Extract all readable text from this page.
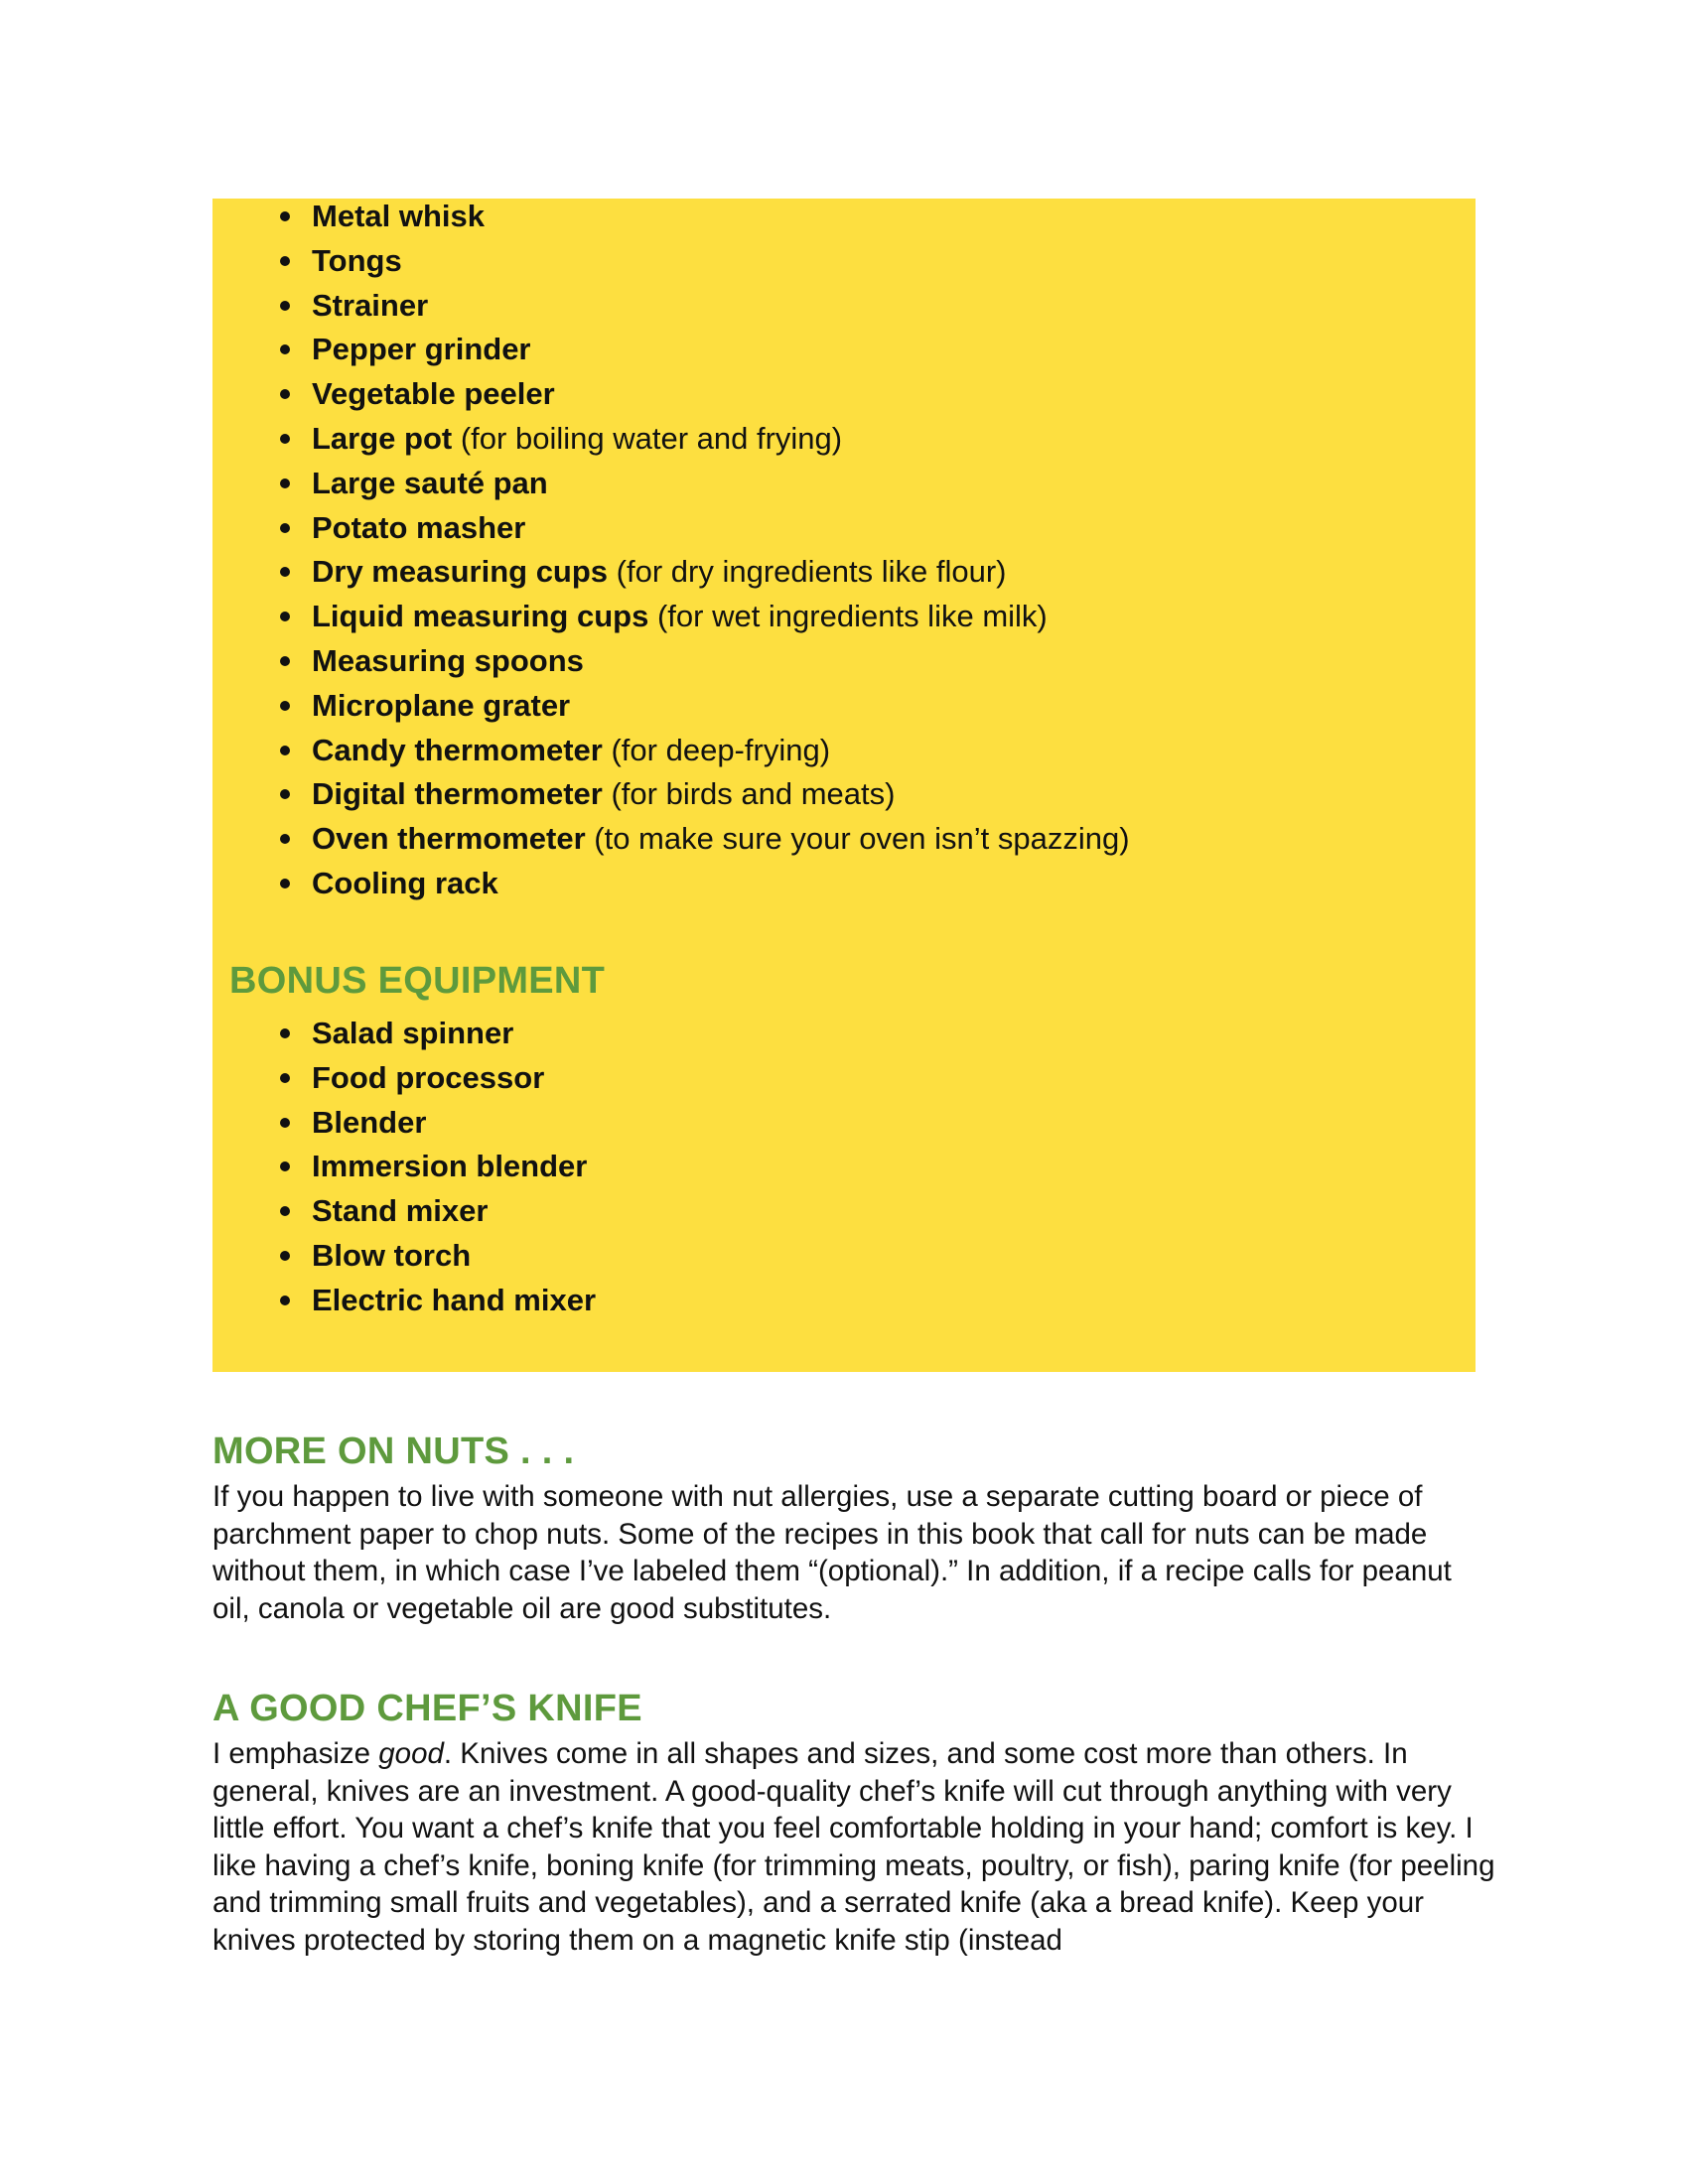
Metal whisk
Tongs
Strainer
Pepper grinder
Vegetable peeler
Large pot (for boiling water and frying)
Large sauté pan
Potato masher
Dry measuring cups (for dry ingredients like flour)
Liquid measuring cups (for wet ingredients like milk)
Measuring spoons
Microplane grater
Candy thermometer (for deep-frying)
Digital thermometer (for birds and meats)
Oven thermometer (to make sure your oven isn’t spazzing)
Cooling rack
BONUS EQUIPMENT
Salad spinner
Food processor
Blender
Immersion blender
Stand mixer
Blow torch
Electric hand mixer
MORE ON NUTS . . .

If you happen to live with someone with nut allergies, use a separate cutting board or piece of parchment paper to chop nuts. Some of the recipes in this book that call for nuts can be made without them, in which case I’ve labeled them “(optional).” In addition, if a recipe calls for peanut oil, canola or vegetable oil are good substitutes.

A GOOD CHEF’S KNIFE

I emphasize good. Knives come in all shapes and sizes, and some cost more than others. In general, knives are an investment. A good-quality chef’s knife will cut through anything with very little effort. You want a chef’s knife that you feel comfortable holding in your hand; comfort is key. I like having a chef’s knife, boning knife (for trimming meats, poultry, or fish), paring knife (for peeling and trimming small fruits and vegetables), and a serrated knife (aka a bread knife). Keep your knives protected by storing them on a magnetic knife stip (instead
